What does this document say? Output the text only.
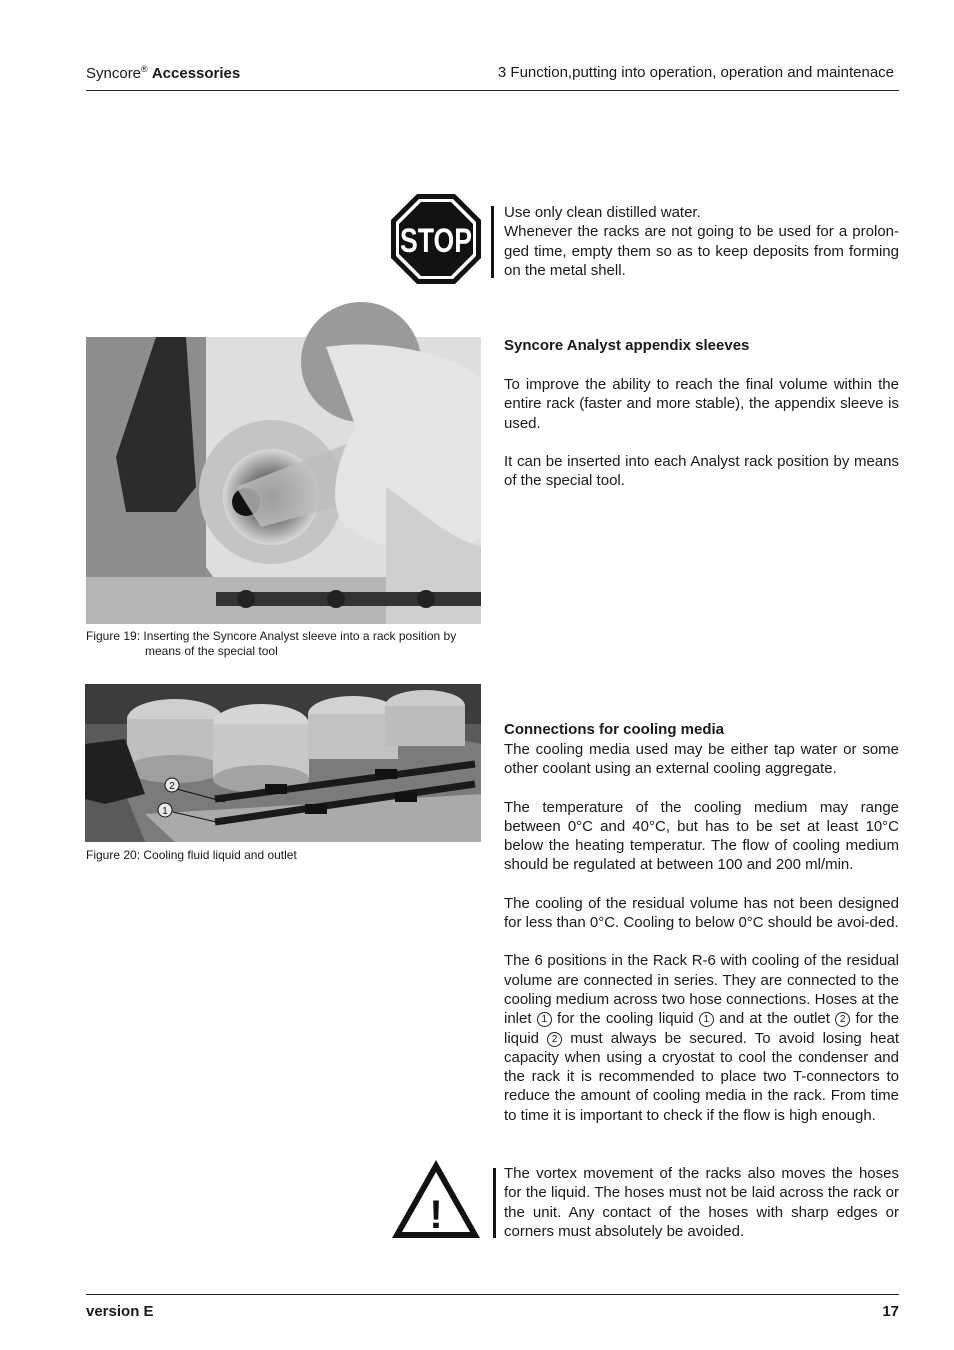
Syncore® Accessories	3 Function,putting into operation, operation and maintenace
STOP

Use only clean distilled water.

Whenever the racks are not going to be used for a prolon-ged time, empty them so as to keep deposits from forming on the metal shell.

Figure 19: Inserting the Syncore Analyst sleeve into a rack position by
means of the special tool
Syncore Analyst appendix sleeves

To improve the ability to reach the final volume within the entire rack (faster and more stable), the appendix sleeve is used.

It can be inserted into each Analyst rack position by means of the special tool.

2
1
Figure 20: Cooling fluid liquid and outlet
Connections for cooling media

The cooling media used may be either tap water or some other coolant using an external cooling aggregate.

The temperature of the cooling medium may range between 0°C and 40°C, but has to be set at least 10°C below the heating temperatur. The flow of cooling medium should be regulated at between 100 and 200 ml/min.

The cooling of the residual volume has not been designed for less than 0°C. Cooling to below 0°C should be avoi-ded.

The 6 positions in the Rack R-6 with cooling of the residual volume are connected in series. They are connected to the cooling medium across two hose connections. Hoses at the inlet 1 for the cooling liquid 1 and at the outlet 2 for the liquid 2 must always be secured. To avoid losing heat capacity when using a cryostat to cool the condenser and the rack it is recommended to place two T-connectors to reduce the amount of cooling media in the rack. From time to time it is important to check if the flow is high enough.

!
The vortex movement of the racks also moves the hoses for the liquid. The hoses must not be laid across the rack or the unit. Any contact of the hoses with sharp edges or corners must absolutely be avoided.
version E	17
